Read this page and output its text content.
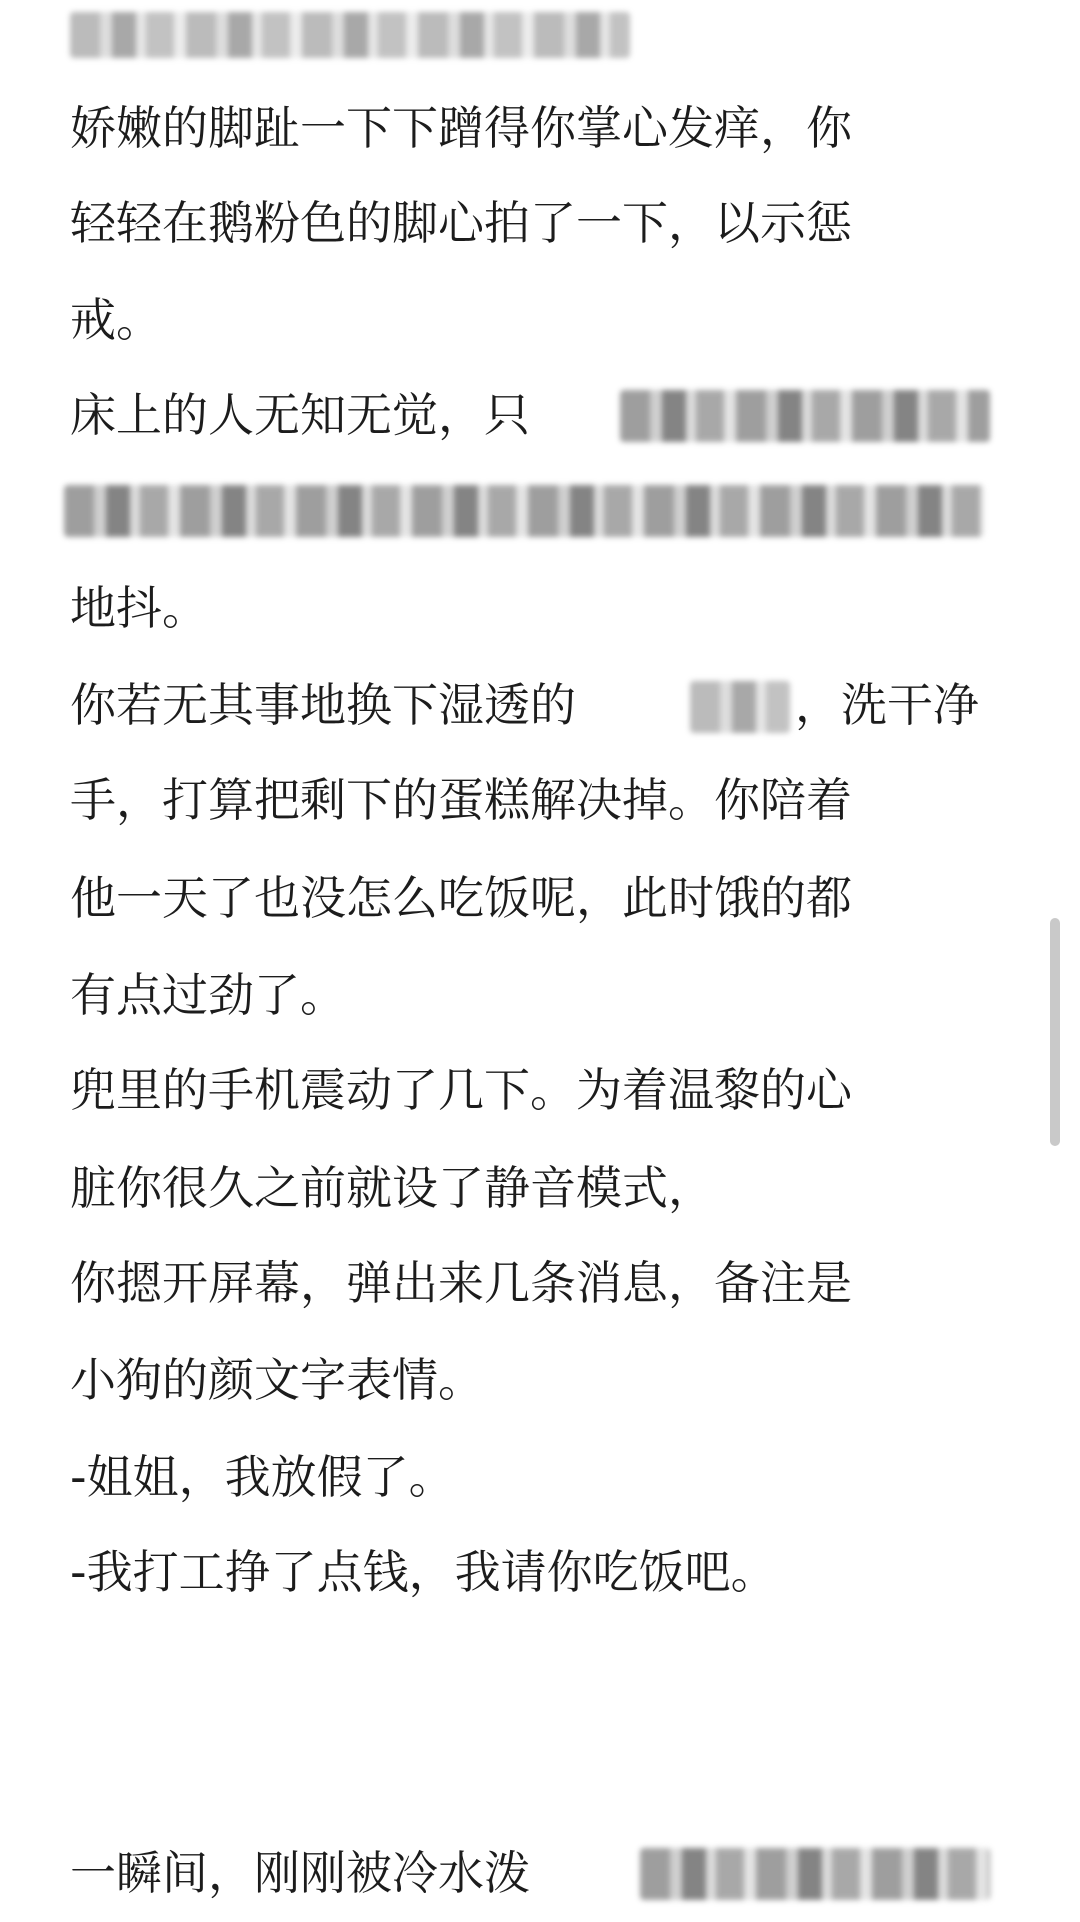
娇嫩的脚趾一下下蹭得你掌心发痒，你
轻轻在鹅粉色的脚心拍了一下，以示惩
戒。
床上的人无知无觉，只
地抖。
你若无其事地换下湿透的	，洗干净
手，打算把剩下的蛋糕解决掉。你陪着
他一天了也没怎么吃饭呢，此时饿的都
有点过劲了。
兜里的手机震动了几下。为着温黎的心
脏你很久之前就设了静音模式，
你摁开屏幕，弹出来几条消息，备注是
小狗的颜文字表情。
-姐姐，我放假了。
-我打工挣了点钱，我请你吃饭吧。
一瞬间，刚刚被冷水泼
